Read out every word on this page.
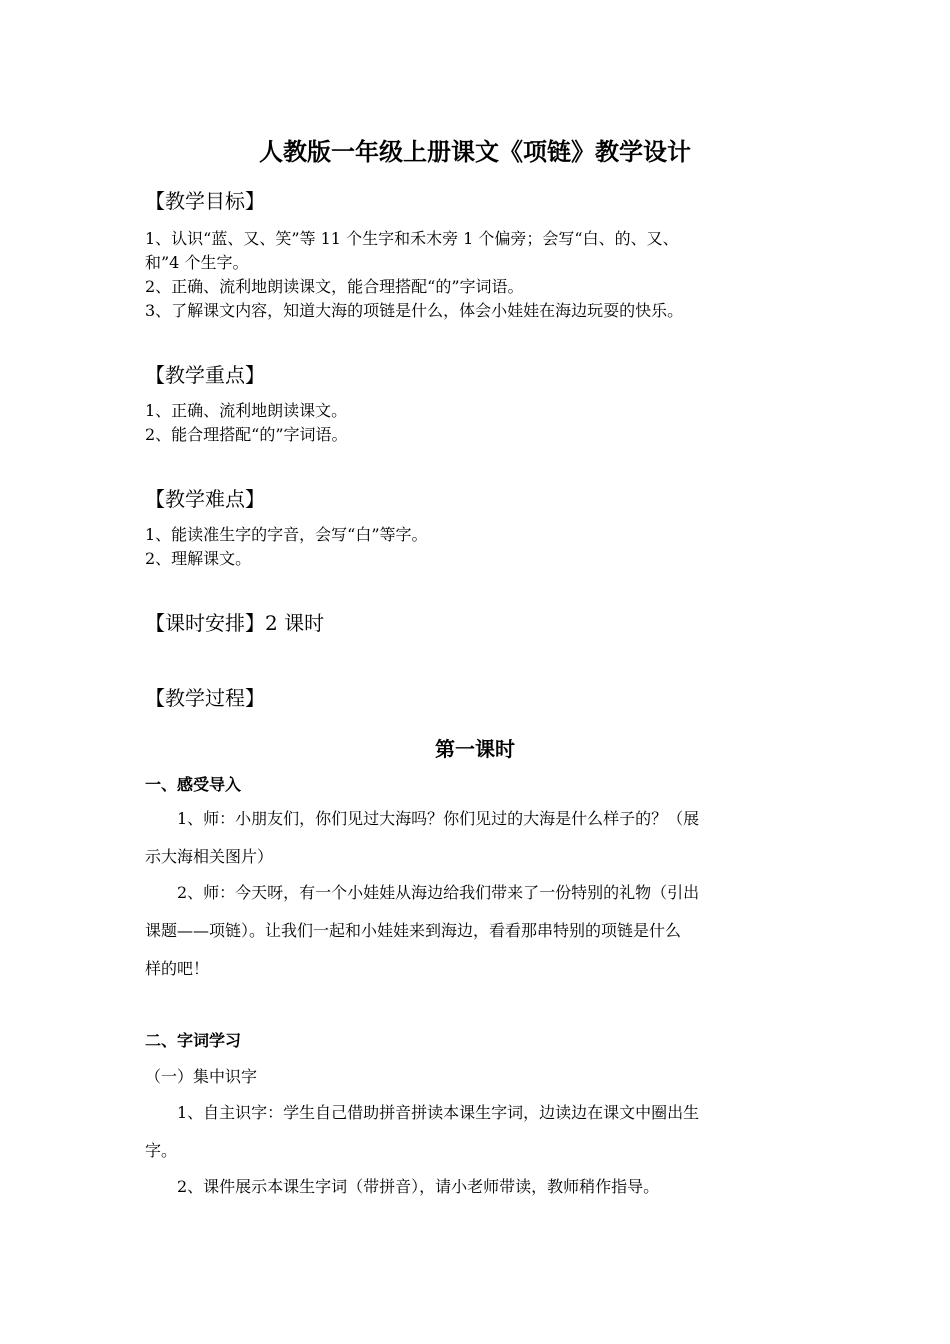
人教版一年级上册课文《项链》教学设计
【教学目标】
1、认识“蓝、又、笑”等 11 个生字和禾木旁 1 个偏旁；会写“白、的、又、
和”4 个生字。
2、正确、流利地朗读课文，能合理搭配“的”字词语。
3、了解课文内容，知道大海的项链是什么，体会小娃娃在海边玩耍的快乐。
【教学重点】
1、正确、流利地朗读课文。
2、能合理搭配“的”字词语。
【教学难点】
1、能读准生字的字音，会写“白”等字。
2、理解课文。
【课时安排】2 课时
【教学过程】
第一课时
一、感受导入
1、师：小朋友们，你们见过大海吗？你们见过的大海是什么样子的？（展
示大海相关图片）
2、师：今天呀，有一个小娃娃从海边给我们带来了一份特别的礼物（引出
课题——项链）。让我们一起和小娃娃来到海边，看看那串特别的项链是什么
样的吧！
二、字词学习
（一）集中识字
1、自主识字：学生自己借助拼音拼读本课生字词，边读边在课文中圈出生
字。
2、课件展示本课生字词（带拼音），请小老师带读，教师稍作指导。
